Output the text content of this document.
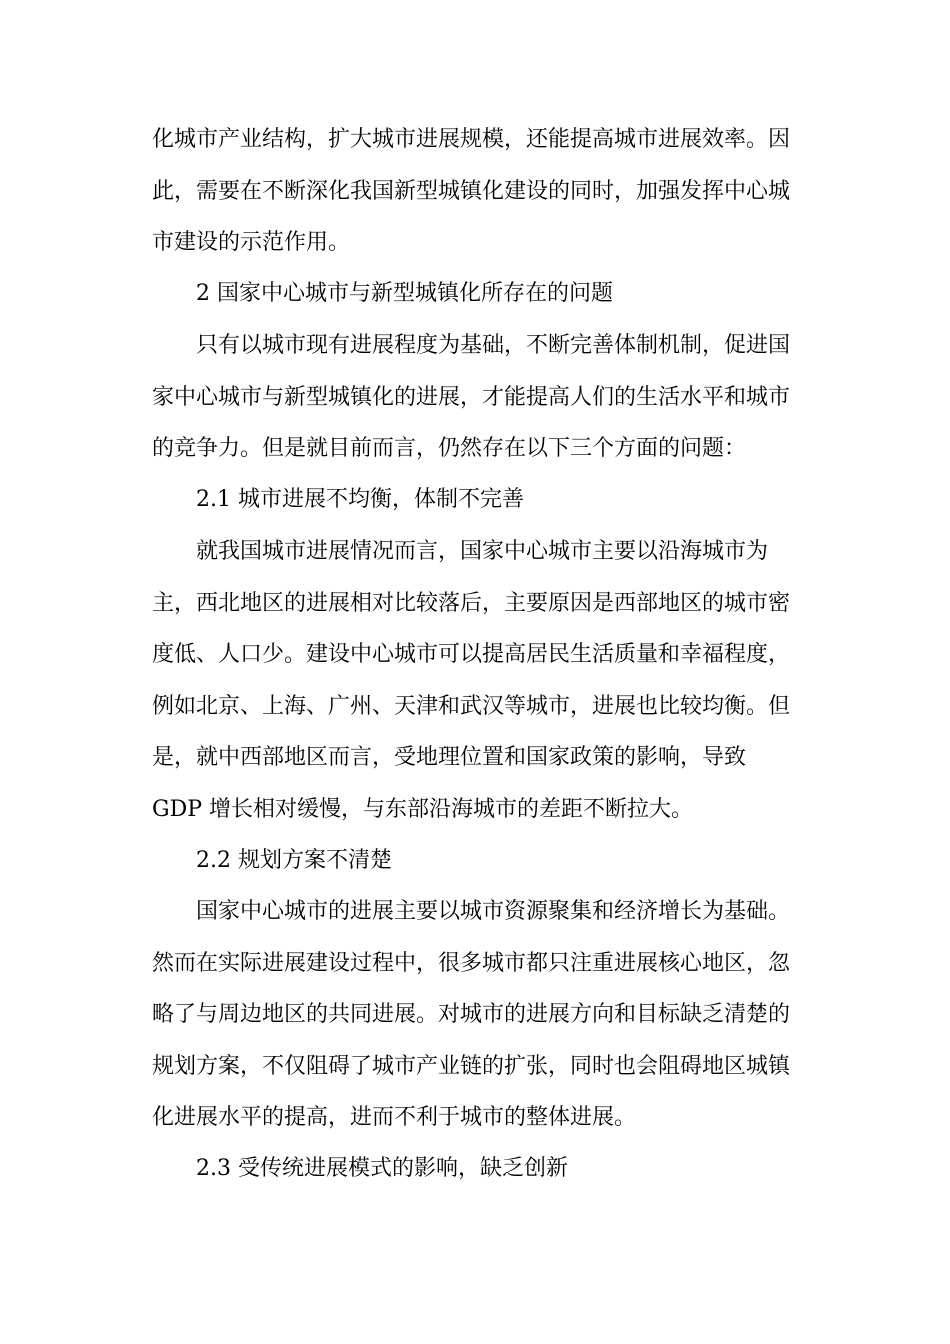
化城市产业结构，扩大城市进展规模，还能提高城市进展效率。因
此，需要在不断深化我国新型城镇化建设的同时，加强发挥中心城
市建设的示范作用。
2 国家中心城市与新型城镇化所存在的问题
只有以城市现有进展程度为基础，不断完善体制机制，促进国
家中心城市与新型城镇化的进展，才能提高人们的生活水平和城市
的竞争力。但是就目前而言，仍然存在以下三个方面的问题：
2.1 城市进展不均衡，体制不完善
就我国城市进展情况而言，国家中心城市主要以沿海城市为
主，西北地区的进展相对比较落后，主要原因是西部地区的城市密
度低、人口少。建设中心城市可以提高居民生活质量和幸福程度，
例如北京、上海、广州、天津和武汉等城市，进展也比较均衡。但
是，就中西部地区而言，受地理位置和国家政策的影响，导致
GDP 增长相对缓慢，与东部沿海城市的差距不断拉大。
2.2 规划方案不清楚
国家中心城市的进展主要以城市资源聚集和经济增长为基础。
然而在实际进展建设过程中，很多城市都只注重进展核心地区，忽
略了与周边地区的共同进展。对城市的进展方向和目标缺乏清楚的
规划方案，不仅阻碍了城市产业链的扩张，同时也会阻碍地区城镇
化进展水平的提高，进而不利于城市的整体进展。
2.3 受传统进展模式的影响，缺乏创新
